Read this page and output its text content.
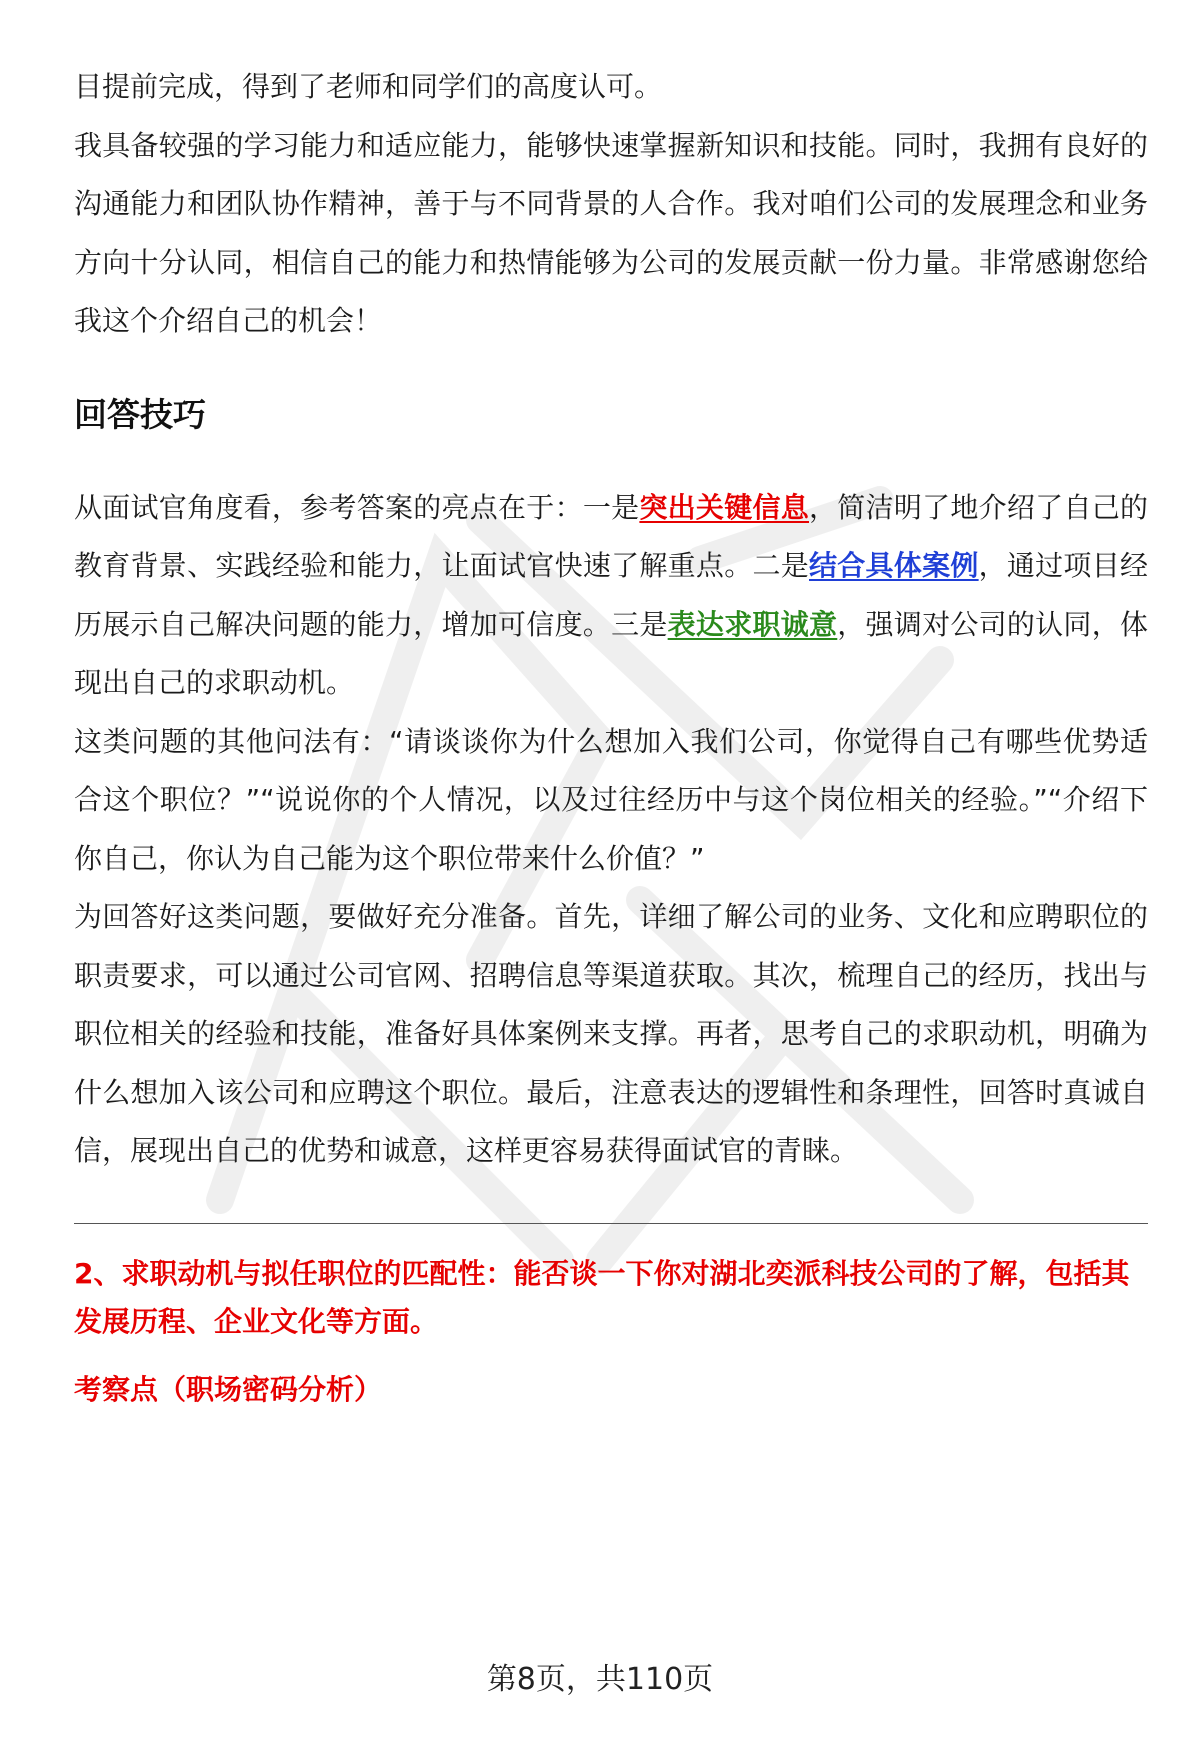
目提前完成，得到了老师和同学们的高度认可。

我具备较强的学习能力和适应能力，能够快速掌握新知识和技能。同时，我拥有良好的沟通能力和团队协作精神，善于与不同背景的人合作。我对咱们公司的发展理念和业务方向十分认同，相信自己的能力和热情能够为公司的发展贡献一份力量。非常感谢您给我这个介绍自己的机会！

回答技巧

从面试官角度看，参考答案的亮点在于：一是突出关键信息，简洁明了地介绍了自己的教育背景、实践经验和能力，让面试官快速了解重点。二是结合具体案例，通过项目经历展示自己解决问题的能力，增加可信度。三是表达求职诚意，强调对公司的认同，体现出自己的求职动机。

这类问题的其他问法有：“请谈谈你为什么想加入我们公司，你觉得自己有哪些优势适合这个职位？”“说说你的个人情况，以及过往经历中与这个岗位相关的经验。”“介绍下你自己，你认为自己能为这个职位带来什么价值？”

为回答好这类问题，要做好充分准备。首先，详细了解公司的业务、文化和应聘职位的职责要求，可以通过公司官网、招聘信息等渠道获取。其次，梳理自己的经历，找出与职位相关的经验和技能，准备好具体案例来支撑。再者，思考自己的求职动机，明确为什么想加入该公司和应聘这个职位。最后，注意表达的逻辑性和条理性，回答时真诚自信，展现出自己的优势和诚意，这样更容易获得面试官的青睐。

2、求职动机与拟任职位的匹配性：能否谈一下你对湖北奕派科技公司的了解，包括其发展历程、企业文化等方面。
考察点（职场密码分析）
第8页，共110页
